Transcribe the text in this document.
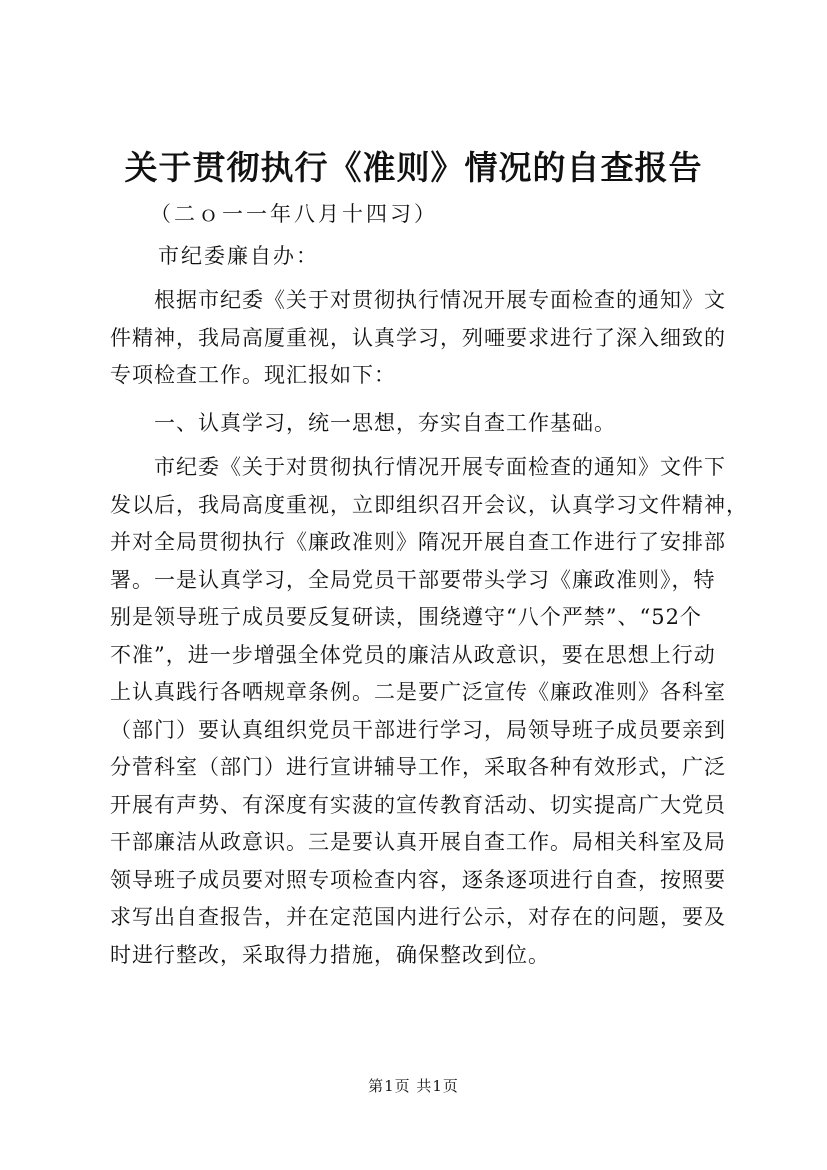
关于贯彻执行《准则》情况的自查报告
（二ｏ一一年八月十四习）
市纪委廉自办：
　　根据市纪委《关于对贯彻执行情况开展专面检查的通知》文
件精神，我局高厦重视，认真学习，列唖要求进行了深入细致的
专项检查工作。现汇报如下：
　　一、认真学习，统一思想，夯实自查工作基础。
　　市纪委《关于对贯彻执行情况开展专面检查的通知》文件下
发以后，我局高度重视，立即组织召开会议，认真学习文件精神，
并对全局贯彻执行《廉政准则》隋况开展自查工作进行了安排部
署。一是认真学习，全局党员干部要带头学习《廉政准则》，特
别是领导班亍成员要反复研读，围绕遵守“八个严禁”、“52个
不准”，进一步增强全体党员的廉洁从政意识，要在思想上行动
上认真践行各哂规章条例。二是要广泛宣传《廉政准则》各科室
（部门）要认真组织党员干部进行学习，局领导班子成员要亲到
分菅科室（部门）进行宣讲辅导工作，采取各种有效形式，广泛
开展有声势、有深度有实菠的宣传教育活动、切实提高广大党员
干部廉洁从政意识。三是要认真开展自查工作。局相关科室及局
领导班子成员要对照专项检查内容，逐条逐项进行自查，按照要
求写出自查报告，并在定范国内进行公示，对存在的问题，要及
时进行整改，采取得力措施，确保整改到位。
第1页 共1页
